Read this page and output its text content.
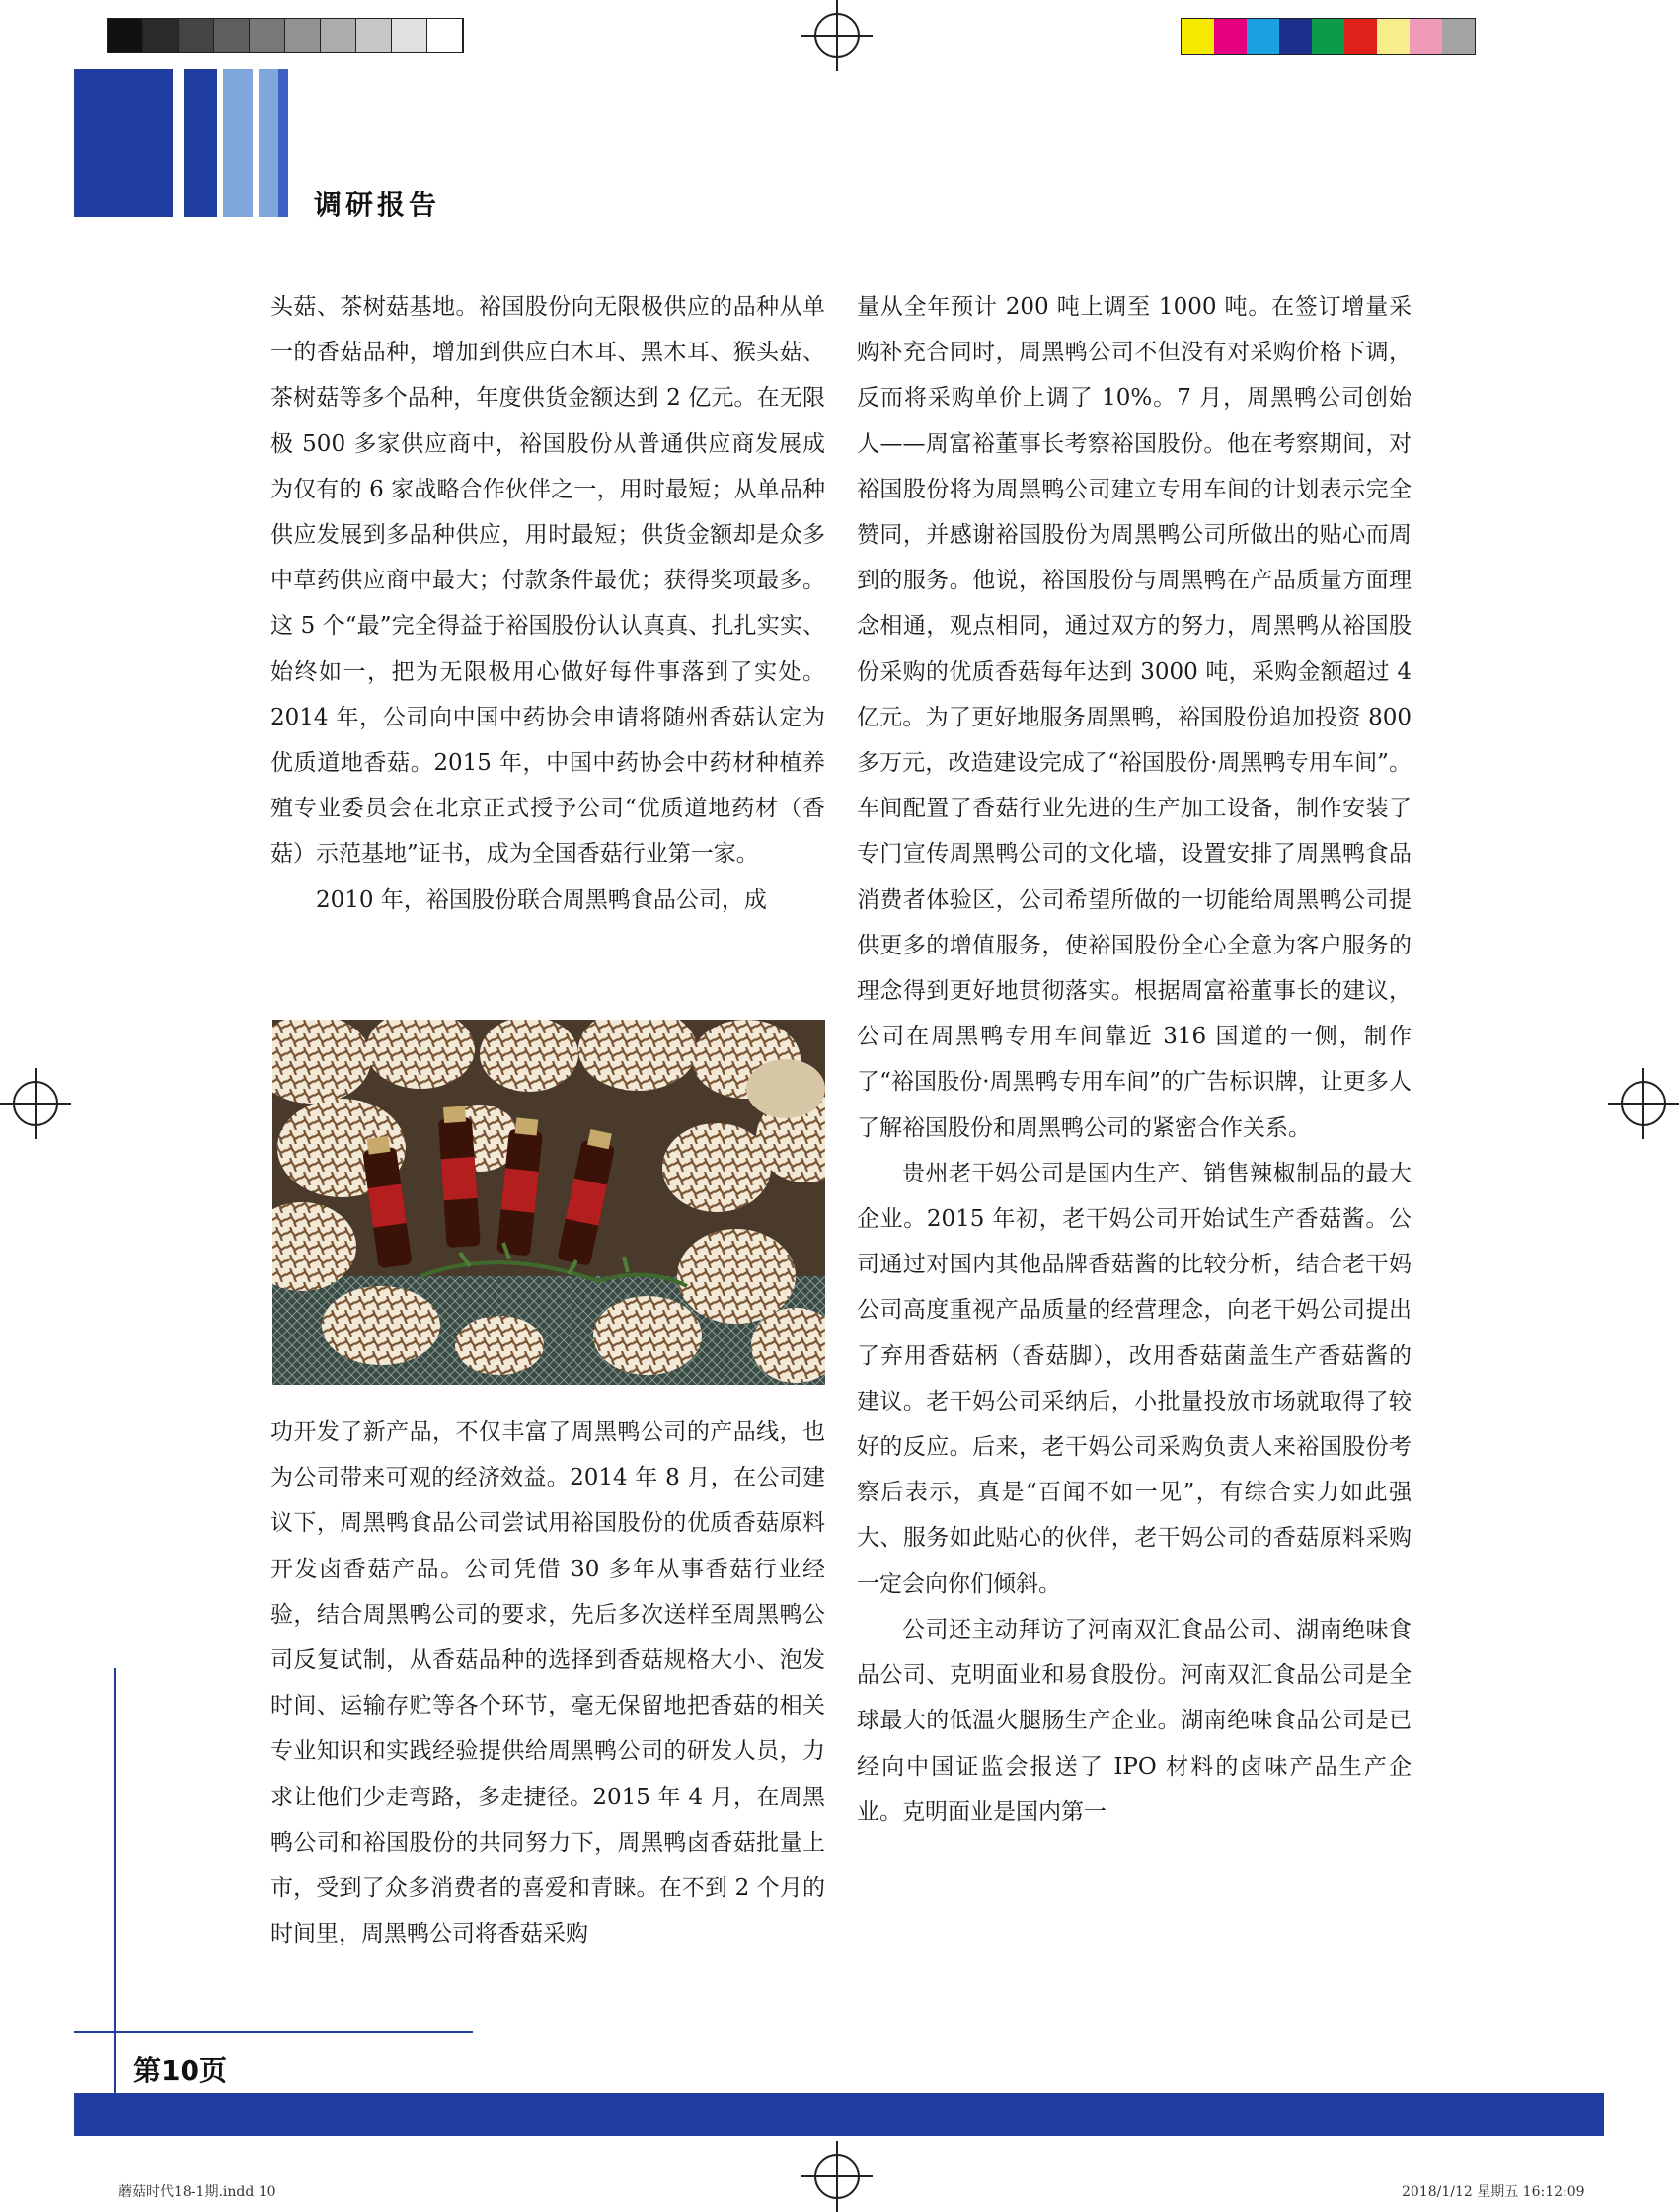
调研报告

头菇、茶树菇基地。裕国股份向无限极供应的品种从单一的香菇品种，增加到供应白木耳、黑木耳、猴头菇、茶树菇等多个品种，年度供货金额达到 2 亿元。在无限极 500 多家供应商中，裕国股份从普通供应商发展成为仅有的 6 家战略合作伙伴之一，用时最短；从单品种供应发展到多品种供应，用时最短；供货金额却是众多中草药供应商中最大；付款条件最优；获得奖项最多。这 5 个“最”完全得益于裕国股份认认真真、扎扎实实、始终如一，把为无限极用心做好每件事落到了实处。2014 年，公司向中国中药协会申请将随州香菇认定为优质道地香菇。2015 年，中国中药协会中药材种植养殖专业委员会在北京正式授予公司“优质道地药材（香菇）示范基地”证书，成为全国香菇行业第一家。

2010 年，裕国股份联合周黑鸭食品公司，成

功开发了新产品，不仅丰富了周黑鸭公司的产品线，也为公司带来可观的经济效益。2014 年 8 月，在公司建议下，周黑鸭食品公司尝试用裕国股份的优质香菇原料开发卤香菇产品。公司凭借 30 多年从事香菇行业经验，结合周黑鸭公司的要求，先后多次送样至周黑鸭公司反复试制，从香菇品种的选择到香菇规格大小、泡发时间、运输存贮等各个环节，毫无保留地把香菇的相关专业知识和实践经验提供给周黑鸭公司的研发人员，力求让他们少走弯路，多走捷径。2015 年 4 月，在周黑鸭公司和裕国股份的共同努力下，周黑鸭卤香菇批量上市，受到了众多消费者的喜爱和青睐。在不到 2 个月的时间里，周黑鸭公司将香菇采购

量从全年预计 200 吨上调至 1000 吨。在签订增量采购补充合同时，周黑鸭公司不但没有对采购价格下调，反而将采购单价上调了 10%。7 月，周黑鸭公司创始人——周富裕董事长考察裕国股份。他在考察期间，对裕国股份将为周黑鸭公司建立专用车间的计划表示完全赞同，并感谢裕国股份为周黑鸭公司所做出的贴心而周到的服务。他说，裕国股份与周黑鸭在产品质量方面理念相通，观点相同，通过双方的努力，周黑鸭从裕国股份采购的优质香菇每年达到 3000 吨，采购金额超过 4 亿元。为了更好地服务周黑鸭，裕国股份追加投资 800 多万元，改造建设完成了“裕国股份·周黑鸭专用车间”。车间配置了香菇行业先进的生产加工设备，制作安装了专门宣传周黑鸭公司的文化墙，设置安排了周黑鸭食品消费者体验区，公司希望所做的一切能给周黑鸭公司提供更多的增值服务，使裕国股份全心全意为客户服务的理念得到更好地贯彻落实。根据周富裕董事长的建议，公司在周黑鸭专用车间靠近 316 国道的一侧，制作了“裕国股份·周黑鸭专用车间”的广告标识牌，让更多人了解裕国股份和周黑鸭公司的紧密合作关系。

贵州老干妈公司是国内生产、销售辣椒制品的最大企业。2015 年初，老干妈公司开始试生产香菇酱。公司通过对国内其他品牌香菇酱的比较分析，结合老干妈公司高度重视产品质量的经营理念，向老干妈公司提出了弃用香菇柄（香菇脚），改用香菇菌盖生产香菇酱的建议。老干妈公司采纳后，小批量投放市场就取得了较好的反应。后来，老干妈公司采购负责人来裕国股份考察后表示，真是“百闻不如一见”，有综合实力如此强大、服务如此贴心的伙伴，老干妈公司的香菇原料采购一定会向你们倾斜。

公司还主动拜访了河南双汇食品公司、湖南绝味食品公司、克明面业和易食股份。河南双汇食品公司是全球最大的低温火腿肠生产企业。湖南绝味食品公司是已经向中国证监会报送了 IPO 材料的卤味产品生产企业。克明面业是国内第一

第10页
蘑菇时代18-1期.indd 10	2018/1/12 星期五 16:12:09
